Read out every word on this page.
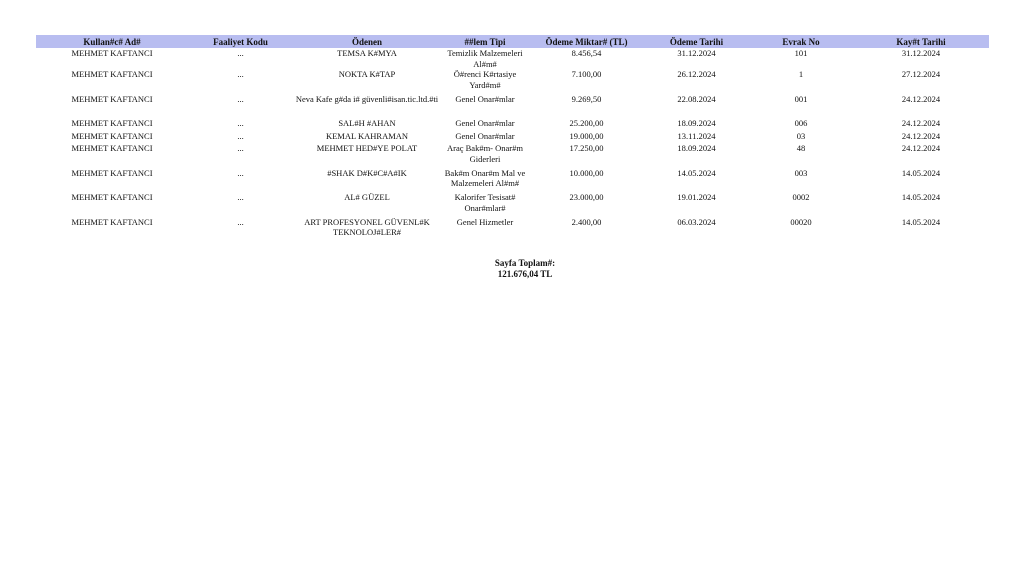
Kullan#c# Ad#	Faaliyet Kodu	Ödenen	##lem Tipi	Ödeme Miktar# (TL)	Ödeme Tarihi	Evrak No	Kay#t Tarihi
MEHMET KAFTANCI	...	TEMSA K#MYA	Temizlik Malzemeleri Al#m#	8.456,54	31.12.2024	101	31.12.2024
MEHMET KAFTANCI	...	NOKTA K#TAP	Ö#renci K#rtasiye Yard#m#	7.100,00	26.12.2024	1	27.12.2024
MEHMET KAFTANCI	...	Neva Kafe g#da i# güvenli#isan.tic.ltd.#ti	Genel Onar#mlar	9.269,50	22.08.2024	001	24.12.2024
MEHMET KAFTANCI	...	SAL#H #AHAN	Genel Onar#mlar	25.200,00	18.09.2024	006	24.12.2024
MEHMET KAFTANCI	...	KEMAL KAHRAMAN	Genel Onar#mlar	19.000,00	13.11.2024	03	24.12.2024
MEHMET KAFTANCI	...	MEHMET HED#YE POLAT	Araç Bak#m- Onar#m Giderleri	17.250,00	18.09.2024	48	24.12.2024
MEHMET KAFTANCI	...	#SHAK D#K#C#A#IK	Bak#m Onar#m Mal ve Malzemeleri Al#m#	10.000,00	14.05.2024	003	14.05.2024
MEHMET KAFTANCI	...	AL# GÜZEL	Kalorifer Tesisat# Onar#mlar#	23.000,00	19.01.2024	0002	14.05.2024
MEHMET KAFTANCI	...	ART PROFESYONEL GÜVENL#K TEKNOLOJ#LER#	Genel Hizmetler	2.400,00	06.03.2024	00020	14.05.2024
Sayfa Toplam#:
121.676,04 TL
